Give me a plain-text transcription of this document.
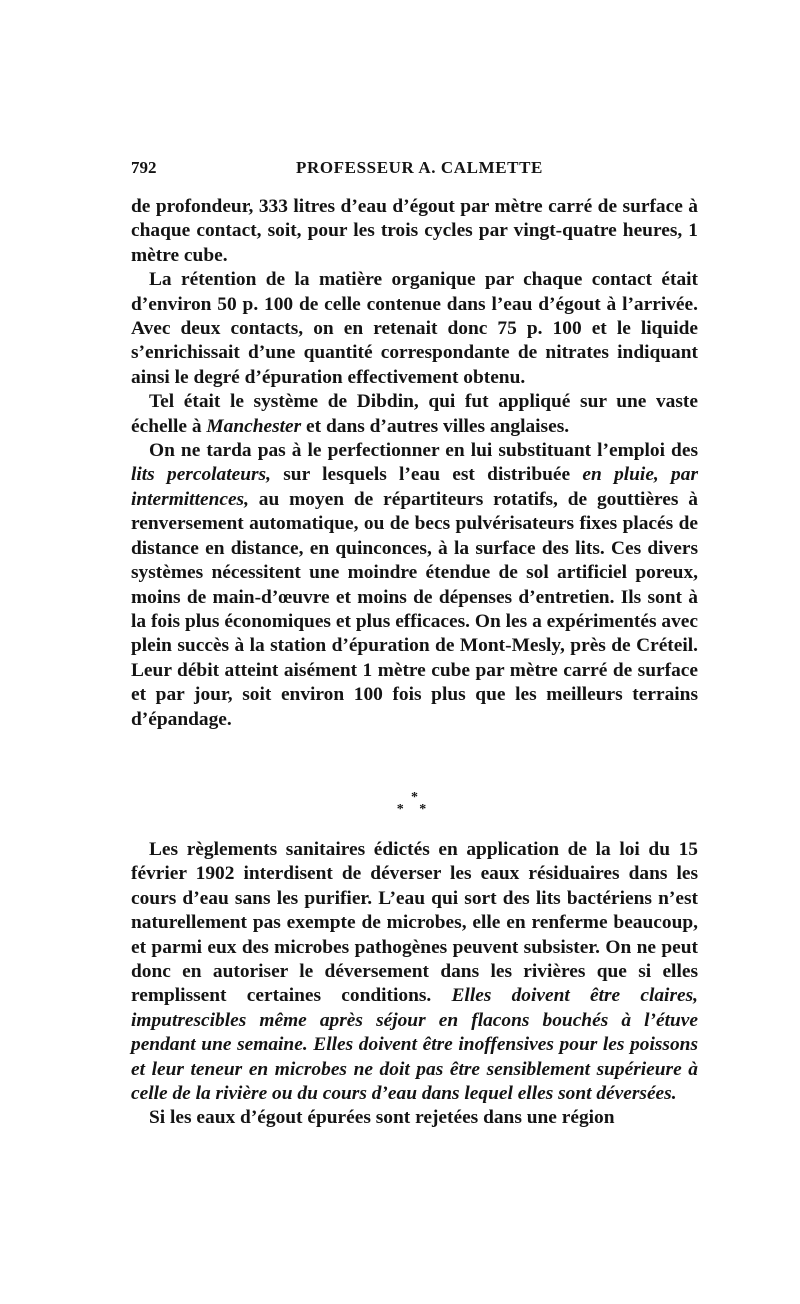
792	PROFESSEUR A. CALMETTE

de profondeur, 333 litres d’eau d’égout par mètre carré de surface à chaque contact, soit, pour les trois cycles par vingt-quatre heures, 1 mètre cube.

La rétention de la matière organique par chaque contact était d’environ 50 p. 100 de celle contenue dans l’eau d’égout à l’arrivée. Avec deux contacts, on en retenait donc 75 p. 100 et le liquide s’enrichissait d’une quantité correspondante de nitrates indiquant ainsi le degré d’épuration effectivement obtenu.

Tel était le système de Dibdin, qui fut appliqué sur une vaste échelle à Manchester et dans d’autres villes anglaises.

On ne tarda pas à le perfectionner en lui substituant l’emploi des lits percolateurs, sur lesquels l’eau est distribuée en pluie, par intermittences, au moyen de répartiteurs rotatifs, de gouttières à renversement automatique, ou de becs pulvérisateurs fixes placés de distance en distance, en quinconces, à la surface des lits. Ces divers systèmes nécessitent une moindre étendue de sol artificiel poreux, moins de main-d’œuvre et moins de dépenses d’entretien. Ils sont à la fois plus économiques et plus efficaces. On les a expérimentés avec plein succès à la station d’épuration de Mont-Mesly, près de Créteil. Leur débit atteint aisément 1 mètre cube par mètre carré de surface et par jour, soit environ 100 fois plus que les meilleurs terrains d’épandage.

*
* *

Les règlements sanitaires édictés en application de la loi du 15 février 1902 interdisent de déverser les eaux résiduaires dans les cours d’eau sans les purifier. L’eau qui sort des lits bactériens n’est naturellement pas exempte de microbes, elle en renferme beaucoup, et parmi eux des microbes pathogènes peuvent subsister. On ne peut donc en autoriser le déversement dans les rivières que si elles remplissent certaines conditions. Elles doivent être claires, imputrescibles même après séjour en flacons bouchés à l’étuve pendant une semaine. Elles doivent être inoffensives pour les poissons et leur teneur en microbes ne doit pas être sensiblement supérieure à celle de la rivière ou du cours d’eau dans lequel elles sont déversées.

Si les eaux d’égout épurées sont rejetées dans une région
